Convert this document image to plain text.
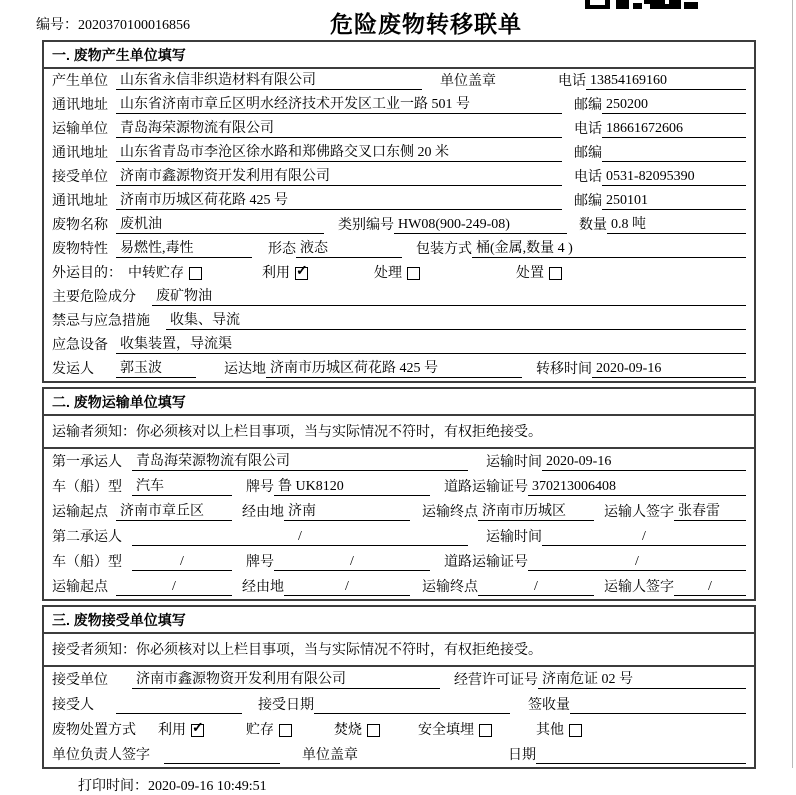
编号：2020370100016856	危险废物转移联单
一. 废物产生单位填写
产生单位 山东省永信非织造材料有限公司	单位盖章	电话 13854169160
通讯地址 山东省济南市章丘区明水经济技术开发区工业一路 501 号	邮编 250200
运输单位 青岛海荣源物流有限公司	电话 18661672606
通讯地址 山东省青岛市李沧区徐水路和郑佛路交叉口东侧 20 米	邮编
接受单位 济南市鑫源物资开发利用有限公司	电话 0531-82095390
通讯地址 济南市历城区荷花路 425 号	邮编 250101
废物名称 废机油	类别编号 HW08(900-249-08)	数量 0.8 吨
废物特性 易燃性,毒性	形态 液态	包装方式 桶(金属,数量 4 )
外运目的： 中转贮存	利用 ✓	处理	处置
主要危险成分	废矿物油
禁忌与应急措施	收集、导流
应急设备 收集装置，导流渠
发运人	郭玉波	运达地 济南市历城区荷花路 425 号	转移时间 2020-09-16
二. 废物运输单位填写
运输者须知：你必须核对以上栏目事项，当与实际情况不符时，有权拒绝接受。
第一承运人	青岛海荣源物流有限公司	运输时间 2020-09-16
车（船）型	汽车	牌号 鲁 UK8120	道路运输证号 370213006408
运输起点 济南市章丘区	经由地 济南	运输终点 济南市历城区	运输人签字 张春雷
第二承运人	/	运输时间	/
车（船）型	/	牌号	/	道路运输证号	/
运输起点	/	经由地	/	运输终点	/	运输人签字	/
三. 废物接受单位填写
接受者须知：你必须核对以上栏目事项，当与实际情况不符时，有权拒绝接受。
接受单位	济南市鑫源物资开发利用有限公司	经营许可证号 济南危证 02 号
接受人	接受日期	签收量
废物处置方式 利用 ✓	贮存	焚烧	安全填埋	其他
单位负责人签字	单位盖章	日期
打印时间：2020-09-16 10:49:51
